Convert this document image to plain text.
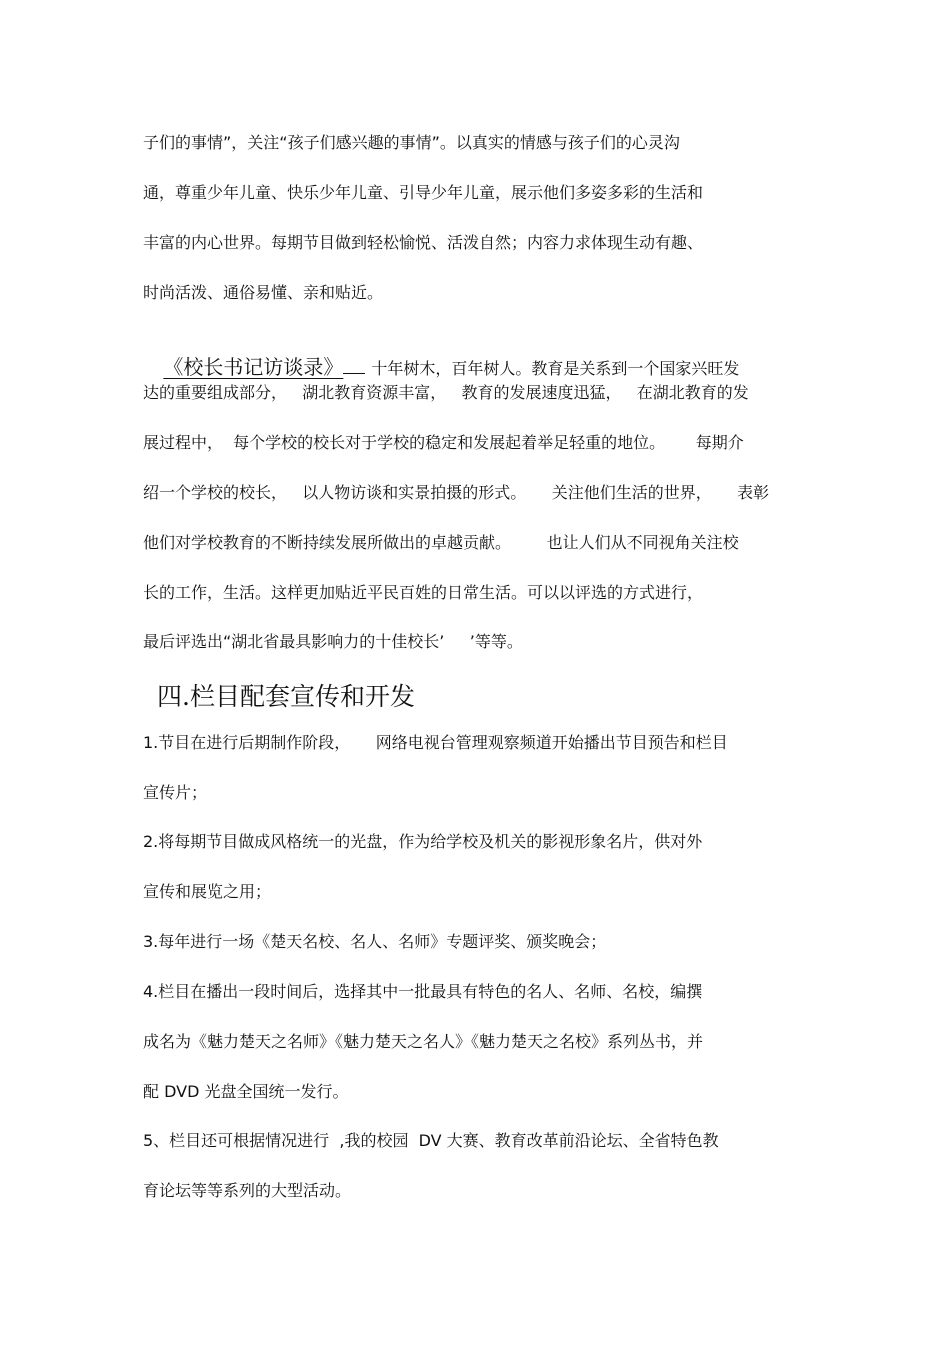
子们的事情”，关注“孩子们感兴趣的事情”。以真实的情感与孩子们的心灵沟
通，尊重少年儿童、快乐少年儿童、引导少年儿童，展示他们多姿多彩的生活和
丰富的内心世界。每期节目做到轻松愉悦、活泼自然；内容力求体现生动有趣、
时尚活泼、通俗易懂、亲和贴近。

《校长书记访谈录》 十年树木，百年树人。教育是关系到一个国家兴旺发

达的重要组成部分，   湖北教育资源丰富，   教育的发展速度迅猛，   在湖北教育的发
展过程中，  每个学校的校长对于学校的稳定和发展起着举足轻重的地位。      每期介
绍一个学校的校长，   以人物访谈和实景拍摄的形式。     关注他们生活的世界，     表彰
他们对学校教育的不断持续发展所做出的卓越贡献。       也让人们从不同视角关注校
长的工作，生活。这样更加贴近平民百姓的日常生活。可以以评选的方式进行，
最后评选出“湖北省最具影响力的十佳校长’     ’等等。
四.栏目配套宣传和开发
1.节目在进行后期制作阶段，     网络电视台管理观察频道开始播出节目预告和栏目
宣传片；
2.将每期节目做成风格统一的光盘，作为给学校及机关的影视形象名片，供对外
宣传和展览之用；
3.每年进行一场《楚天名校、名人、名师》专题评奖、颁奖晚会；
4.栏目在播出一段时间后，选择其中一批最具有特色的名人、名师、名校，编撰
成名为《魅力楚天之名师》《魅力楚天之名人》《魅力楚天之名校》系列丛书，并
配 DVD 光盘全国统一发行。
5、栏目还可根据情况进行  ,我的校园  DV 大赛、教育改革前沿论坛、全省特色教
育论坛等等系列的大型活动。
